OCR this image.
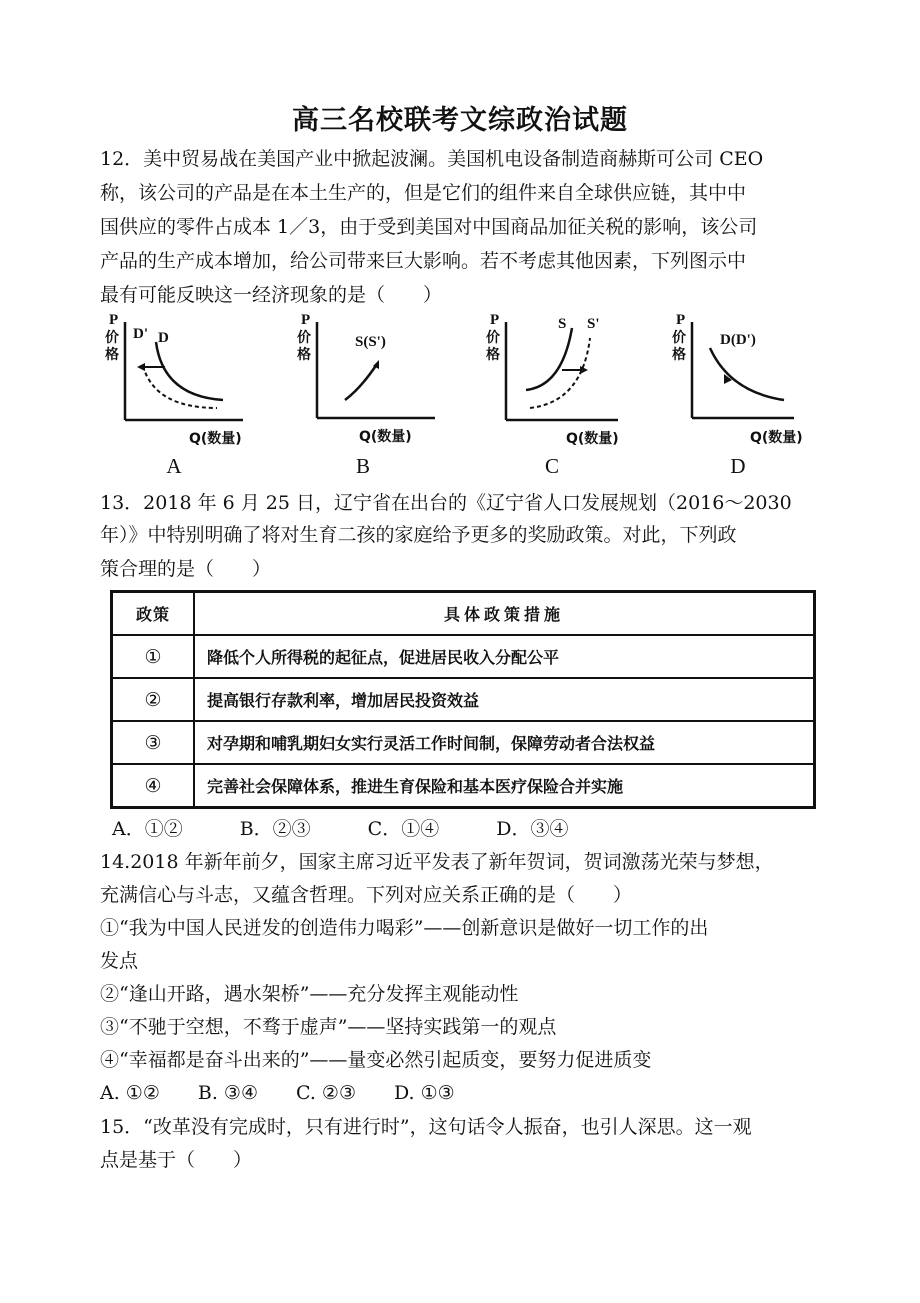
高三名校联考文综政治试题
12．美中贸易战在美国产业中掀起波澜。美国机电设备制造商赫斯可公司 CEO
称，该公司的产品是在本土生产的，但是它们的组件来自全球供应链，其中中
国供应的零件占成本 1／3，由于受到美国对中国商品加征关税的影响，该公司
产品的生产成本增加，给公司带来巨大影响。若不考虑其他因素，下列图示中
最有可能反映这一经济现象的是（　　）
P
价
格
D' D
Q(数量)
P
价
格
S(S')
Q(数量)
P
价
格
S S'
Q(数量)
P
价
格
D(D')
Q(数量)
A	B	C	D
13．2018 年 6 月 25 日，辽宁省在出台的《辽宁省人口发展规划（2016～2030
年）》中特别明确了将对生育二孩的家庭给予更多的奖励政策。对此，下列政
策合理的是（　　）
政策	具体政策措施
①	降低个人所得税的起征点，促进居民收入分配公平
②	提高银行存款利率，增加居民投资效益
③	对孕期和哺乳期妇女实行灵活工作时间制，保障劳动者合法权益
④	完善社会保障体系，推进生育保险和基本医疗保险合并实施
A．①②　　　B．②③　　　C．①④　　　D．③④
14.2018 年新年前夕，国家主席习近平发表了新年贺词，贺词激荡光荣与梦想，
充满信心与斗志，又蕴含哲理。下列对应关系正确的是（　　）
①“我为中国人民迸发的创造伟力喝彩”——创新意识是做好一切工作的出
发点
②“逢山开路，遇水架桥”——充分发挥主观能动性
③“不驰于空想，不骛于虚声”——坚持实践第一的观点
④“幸福都是奋斗出来的”——量变必然引起质变，要努力促进质变
A. ①②　　B. ③④　　C. ②③　　D. ①③
15．“改革没有完成时，只有进行时”，这句话令人振奋，也引人深思。这一观
点是基于（　　）
